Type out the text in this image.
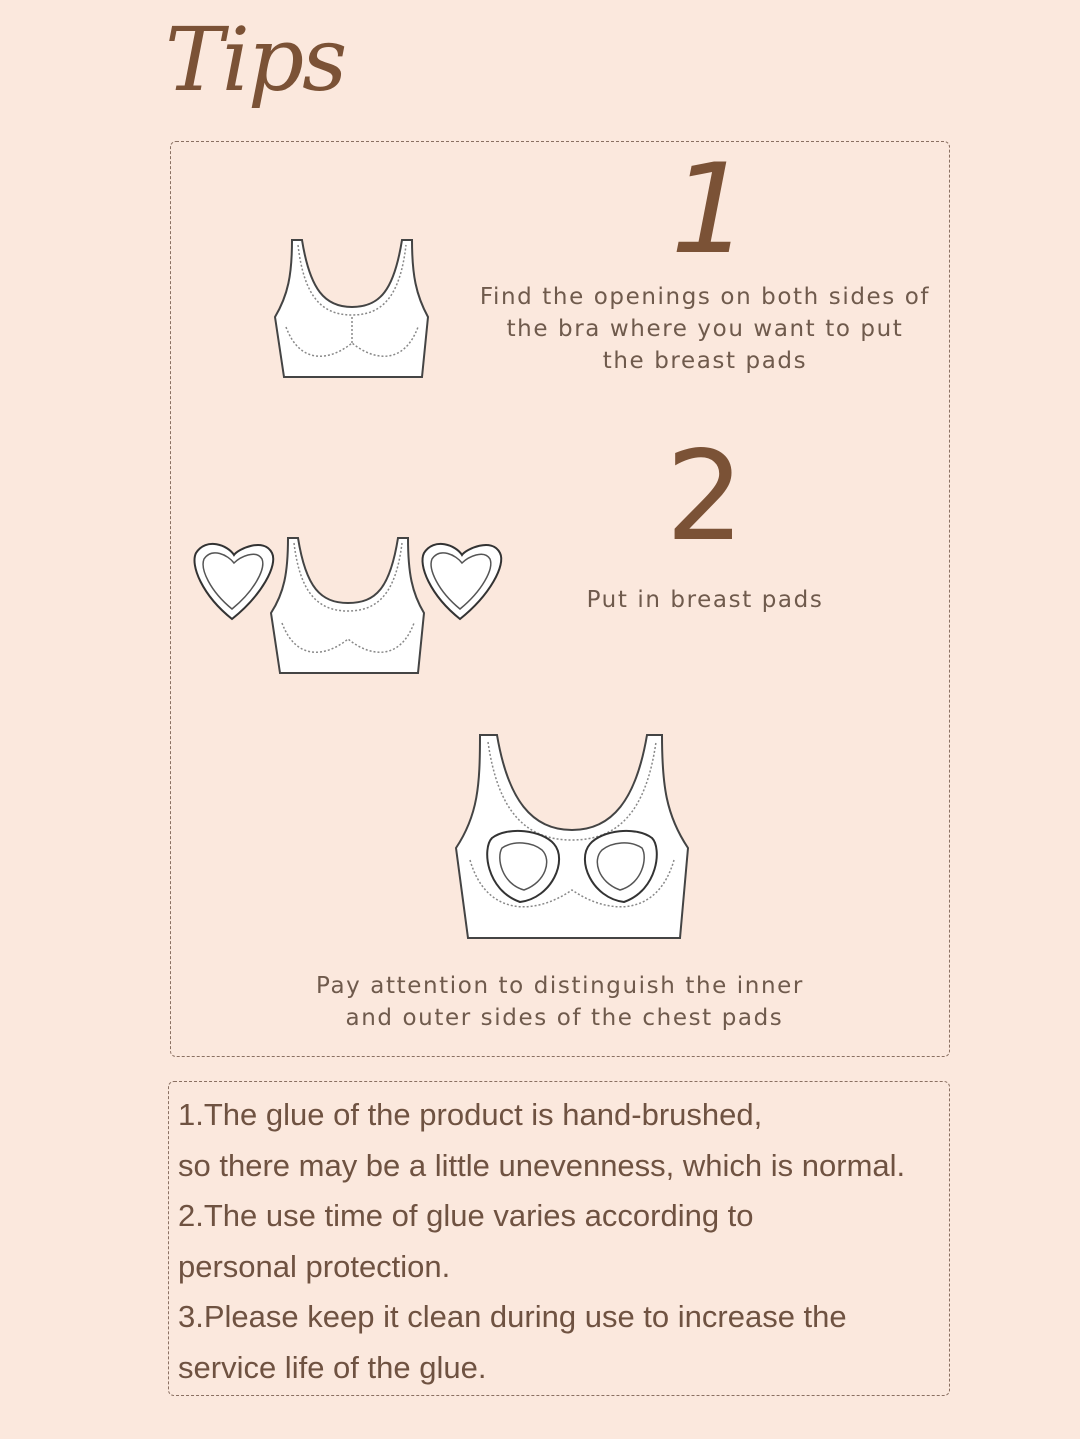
Tips
1
Find the openings on both sides of
the bra where you want to put
the breast pads
2
Put in breast pads
Pay attention to distinguish the inner
and outer sides of the chest pads
1.The glue of the product is hand-brushed,
so there may be a little unevenness, which is normal.
2.The use time of glue varies according to
personal protection.
3.Please keep it clean during use to increase the
service life of the glue.
